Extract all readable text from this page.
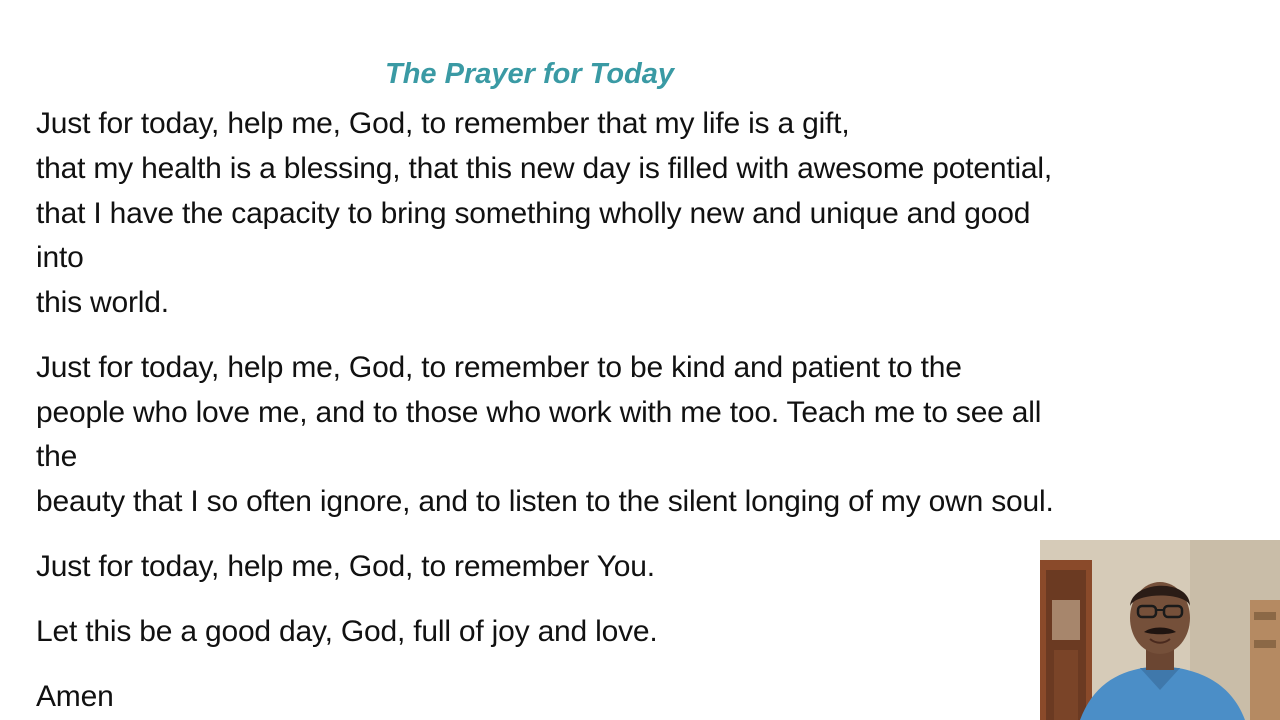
The Prayer for Today
Just for today, help me, God, to remember that my life is a gift,
that my health is a blessing, that this new day is filled with awesome potential,
that I have the capacity to bring something wholly new and unique and good
into
this world.
Just for today, help me, God, to remember to be kind and patient to the
people who love me, and to those who work with me too. Teach me to see all
the
beauty that I so often ignore, and to listen to the silent longing of my own soul.
Just for today, help me, God, to remember You.
Let this be a good day, God, full of joy and love.
Amen
